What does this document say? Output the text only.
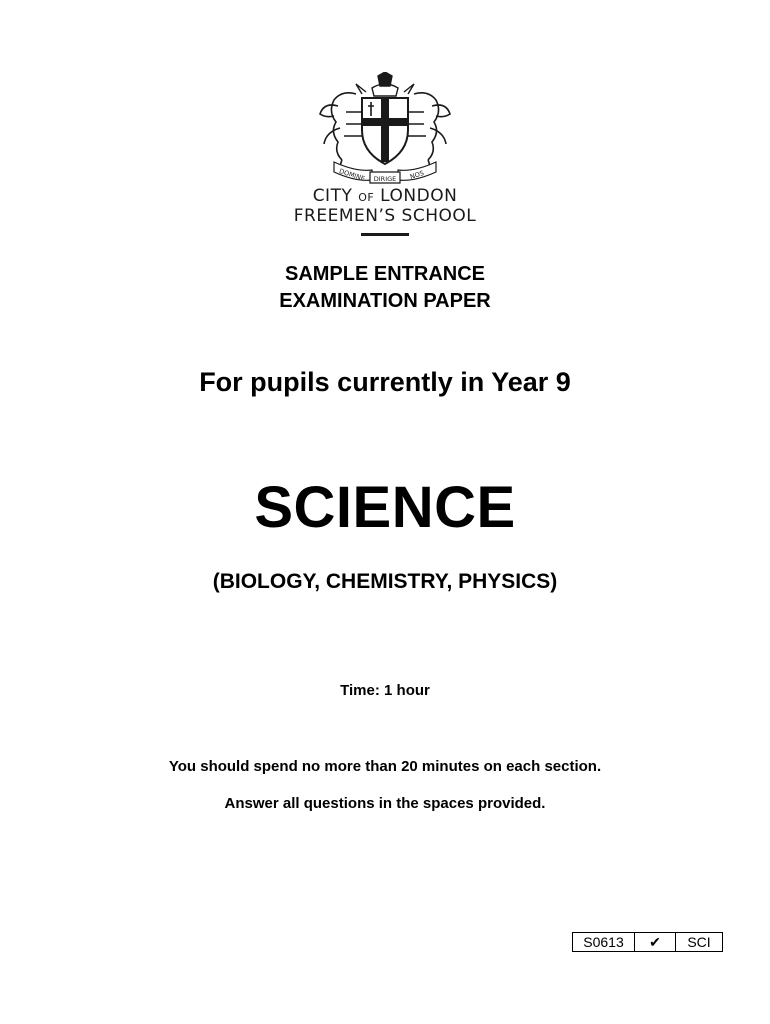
DOMINE	NOS
DIRIGE
CITY OF LONDON
FREEMEN’S SCHOOL
SAMPLE ENTRANCE
EXAMINATION PAPER
For pupils currently in Year 9
SCIENCE
(BIOLOGY, CHEMISTRY, PHYSICS)
Time: 1 hour
You should spend no more than 20 minutes on each section.
Answer all questions in the spaces provided.
S0613	✔	SCI
